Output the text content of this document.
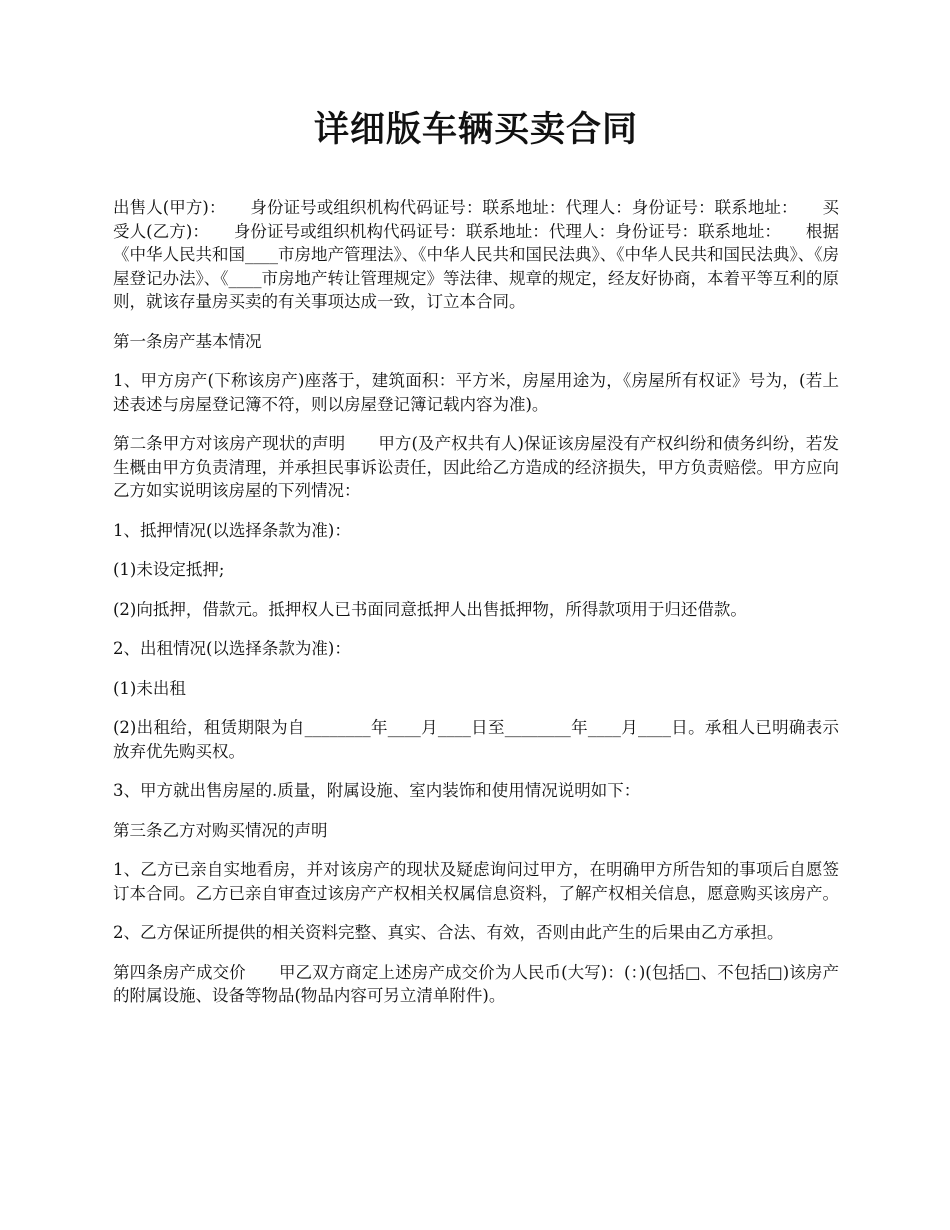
详细版车辆买卖合同

出售人(甲方)：　　身份证号或组织机构代码证号：联系地址：代理人：身份证号：联系地址：　　买受人(乙方)：　　身份证号或组织机构代码证号：联系地址：代理人：身份证号：联系地址：　　根据《中华人民共和国____市房地产管理法》、《中华人民共和国民法典》、《中华人民共和国民法典》、《房屋登记办法》、《____市房地产转让管理规定》等法律、规章的规定，经友好协商，本着平等互利的原则，就该存量房买卖的有关事项达成一致，订立本合同。

第一条房产基本情况

1、甲方房产(下称该房产)座落于，建筑面积：平方米，房屋用途为，《房屋所有权证》号为，(若上述表述与房屋登记簿不符，则以房屋登记簿记载内容为准)。

第二条甲方对该房产现状的声明　　甲方(及产权共有人)保证该房屋没有产权纠纷和债务纠纷，若发生概由甲方负责清理，并承担民事诉讼责任，因此给乙方造成的经济损失，甲方负责赔偿。甲方应向乙方如实说明该房屋的下列情况：

1、抵押情况(以选择条款为准)：

(1)未设定抵押;

(2)向抵押，借款元。抵押权人已书面同意抵押人出售抵押物，所得款项用于归还借款。

2、出租情况(以选择条款为准)：

(1)未出租

(2)出租给，租赁期限为自________年____月____日至________年____月____日。承租人已明确表示放弃优先购买权。

3、甲方就出售房屋的.质量，附属设施、室内装饰和使用情况说明如下：

第三条乙方对购买情况的声明

1、乙方已亲自实地看房，并对该房产的现状及疑虑询问过甲方，在明确甲方所告知的事项后自愿签订本合同。乙方已亲自审查过该房产产权相关权属信息资料，了解产权相关信息，愿意购买该房产。

2、乙方保证所提供的相关资料完整、真实、合法、有效，否则由此产生的后果由乙方承担。

第四条房产成交价　　甲乙双方商定上述房产成交价为人民币(大写)：(：)(包括□、不包括□)该房产的附属设施、设备等物品(物品内容可另立清单附件)。
